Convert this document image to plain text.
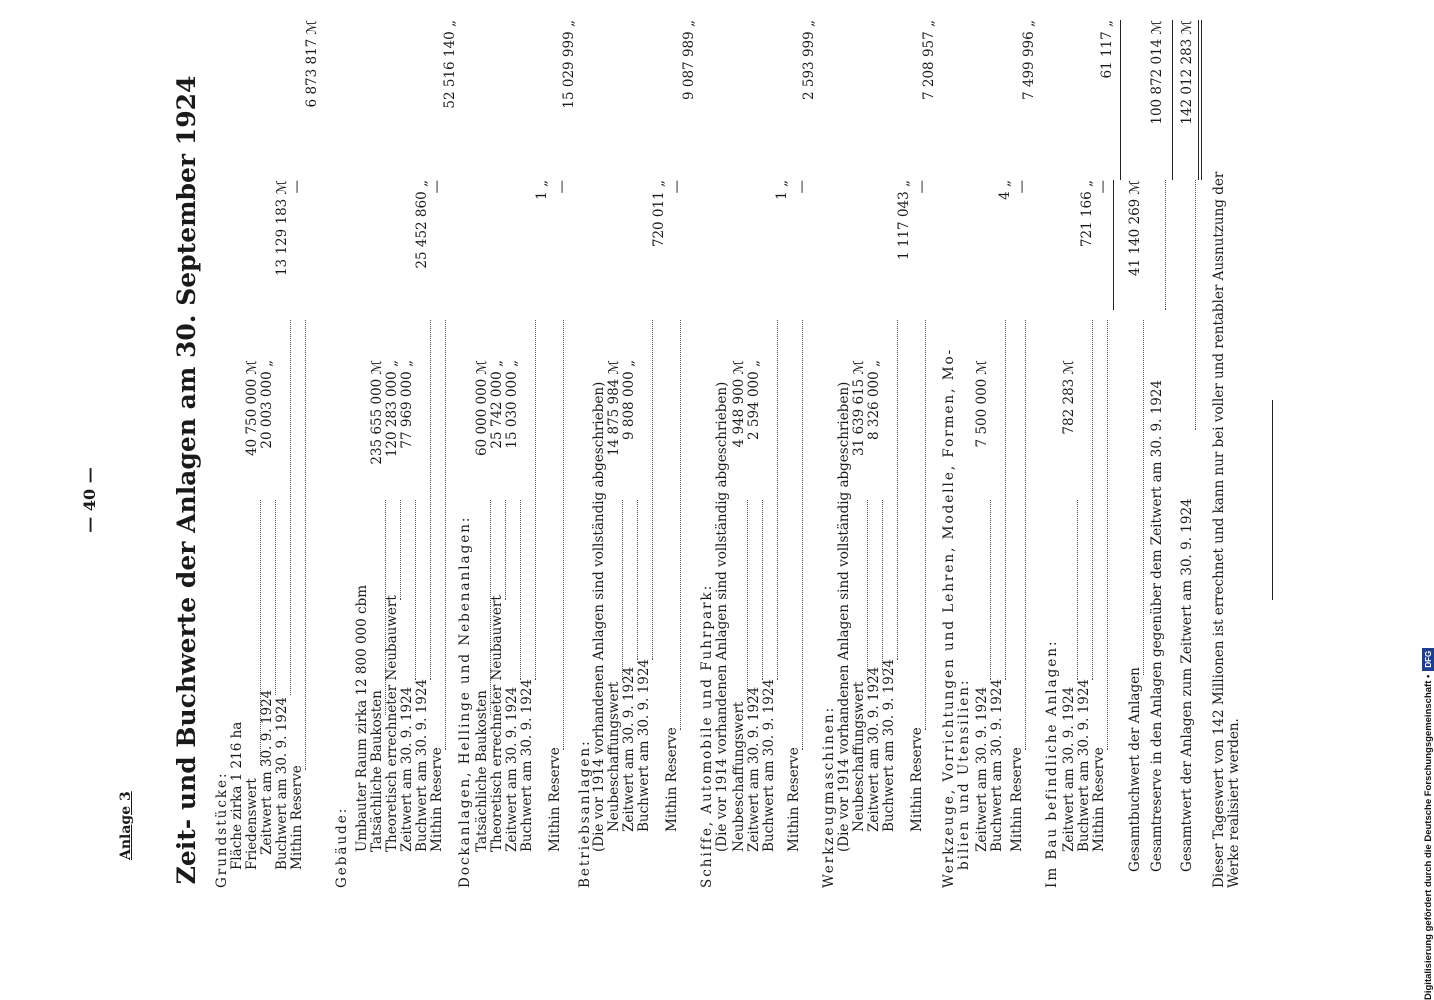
Anlage 3
— 40 —	Zeit- und Buchwerte der Anlagen am 30. September 1924 Grundstücke: Fläche zirka 1 216 ha Friedenswert
40 750 000 ℳ
Zeitwert am 30. 9. 1924
20 003 000 „
Buchwert am 30. 9. 1924
13 129 183 ℳ
Mithin Reserve
—
6 873 817 ℳ
Gebäude: Umbauter Raum zirka 12 800 000 cbm Tatsächliche Baukosten
235 655 000 ℳ
Theoretisch errechneter Neubauwert
120 283 000 „
Zeitwert am 30. 9. 1924
77 969 000 „
Buchwert am 30. 9. 1924
25 452 860 „
Mithin Reserve
—
52 516 140 „
Dockanlagen, Hellinge und Nebenanlagen: Tatsächliche Baukosten
60 000 000 ℳ
Theoretisch errechneter Neubauwert
25 742 000 „
Zeitwert am 30. 9. 1924
15 030 000 „
Buchwert am 30. 9. 1924
1 „
Mithin Reserve
—
15 029 999 „
Betriebsanlagen:
(Die vor 1914 vorhandenen Anlagen sind vollständig abgeschrieben) Neubeschaffungswert
14 875 984 ℳ
Zeitwert am 30. 9. 1924
9 808 000 „
Buchwert am 30. 9. 1924
720 011 „
Mithin Reserve
—
9 087 989 „
Schiffe, Automobile und Fuhrpark: (Die vor 1914 vorhandenen Anlagen sind vollständig abgeschrieben) Neubeschaffungswert
4 948 900 ℳ
Zeitwert am 30. 9. 1924
2 594 000 „
Buchwert am 30. 9. 1924
1 „
Mithin Reserve
—
2 593 999 „
Werkzeugmaschinen: (Die vor 1914 vorhandenen Anlagen sind vollständig abgeschrieben) Neubeschaffungswert
31 639 615 ℳ
Zeitwert am 30. 9. 1924
8 326 000 „
Buchwert am 30. 9. 1924
1 117 043 „
Mithin Reserve
—
7 208 957 „
Werkzeuge, Vorrichtungen und Lehren, Modelle, Formen, Mo- bilien und Utensilien: Zeitwert am 30. 9. 1924
7 500 000 ℳ
Buchwert am 30. 9. 1924
4 „
Mithin Reserve
—
7 499 996 „
Im Bau befindliche Anlagen: Zeitwert am 30. 9. 1924
782 283 ℳ
Buchwert am 30. 9. 1924
721 166 „
Mithin Reserve
—
61 117 „
Gesamtbuchwert der Anlagen
41 140 269 ℳ
Gesamtreserve in den Anlagen gegenüber dem Zeitwert am 30. 9. 1924
100 872 014 ℳ
Gesamtwert der Anlagen zum Zeitwert am 30. 9. 1924
142 012 283 ℳ
Dieser Tageswert von 142 Millionen ist errechnet und kann nur bei voller und rentabler Ausnutzung der Werke realisiert werden.	Digitalisierung gefördert durch die Deutsche Forschungsgemeinschaft •DFG
